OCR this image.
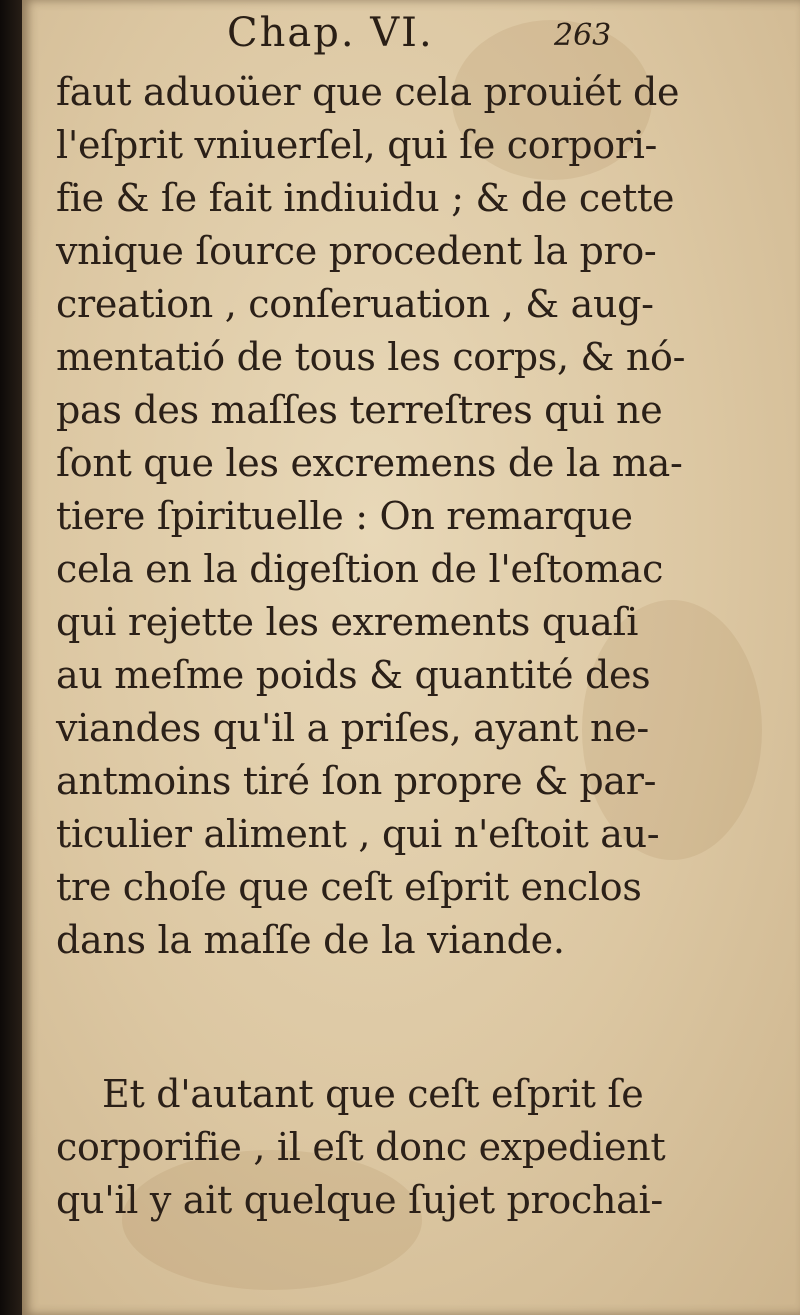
Chap. VI.	263
faut aduoüer que cela prouiét de
l'eſprit vniuerſel, qui ſe corpori-
fie & ſe fait indiuidu ; & de cette
vnique ſource procedent la pro-
creation , conſeruation , & aug-
mentatió de tous les corps, & nó-
pas des maſſes terreſtres qui ne
ſont que les excremens de la ma-
tiere ſpirituelle : On remarque
cela en la digeſtion de l'eſtomac
qui rejette les exrements quaſi
au meſme poids & quantité des
viandes qu'il a priſes, ayant ne-
antmoins tiré ſon propre & par-
ticulier aliment , qui n'eſtoit au-
tre choſe que ceſt eſprit enclos
dans la maſſe de la viande.
Et d'autant que ceſt eſprit ſe
corporifie , il eſt donc expedient
qu'il y ait quelque ſujet prochai-
